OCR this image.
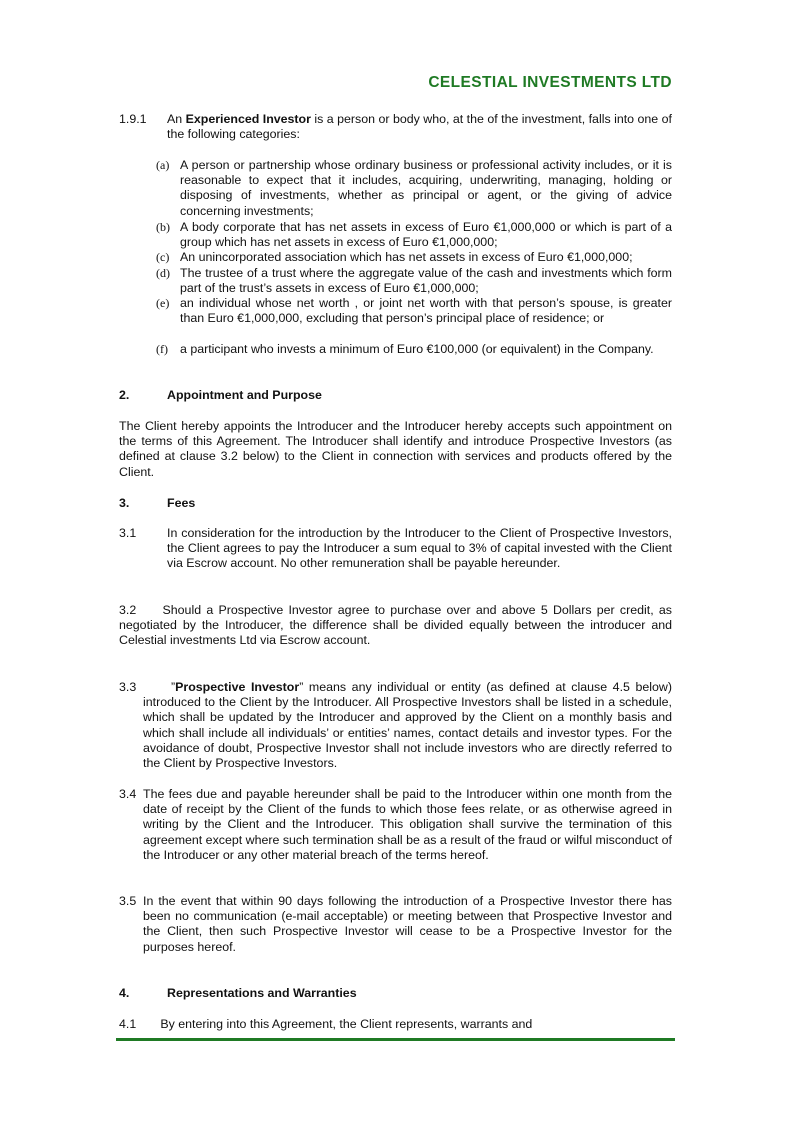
CELESTIAL INVESTMENTS LTD
1.9.1 An Experienced Investor is a person or body who, at the of the investment, falls into one of the following categories:
(a) A person or partnership whose ordinary business or professional activity includes, or it is reasonable to expect that it includes, acquiring, underwriting, managing, holding or disposing of investments, whether as principal or agent, or the giving of advice concerning investments;
(b) A body corporate that has net assets in excess of Euro €1,000,000 or which is part of a group which has net assets in excess of Euro €1,000,000;
(c) An unincorporated association which has net assets in excess of Euro €1,000,000;
(d) The trustee of a trust where the aggregate value of the cash and investments which form part of the trust’s assets in excess of Euro €1,000,000;
(e) an individual whose net worth , or joint net worth with that person’s spouse, is greater than Euro €1,000,000, excluding that person’s principal place of residence; or
(f) a participant who invests a minimum of Euro €100,000 (or equivalent) in the Company.
2.	Appointment and Purpose
The Client hereby appoints the Introducer and the Introducer hereby accepts such appointment on the terms of this Agreement. The Introducer shall identify and introduce Prospective Investors (as defined at clause 3.2 below) to the Client in connection with services and products offered by the Client.
3.	Fees
3.1 In consideration for the introduction by the Introducer to the Client of Prospective Investors, the Client agrees to pay the Introducer a sum equal to 3% of capital invested with the Client via Escrow account. No other remuneration shall be payable hereunder.
3.2 Should a Prospective Investor agree to purchase over and above 5 Dollars per credit, as negotiated by the Introducer, the difference shall be divided equally between the introducer and Celestial investments Ltd via Escrow account.
3.3	”Prospective Investor” means any individual or entity (as defined at clause 4.5 below) introduced to the Client by the Introducer. All Prospective Investors shall be listed in a schedule, which shall be updated by the Introducer and approved by the Client on a monthly basis and which shall include all individuals’ or entities’ names, contact details and investor types. For the avoidance of doubt, Prospective Investor shall not include investors who are directly referred to the Client by Prospective Investors.
3.4 The fees due and payable hereunder shall be paid to the Introducer within one month from the date of receipt by the Client of the funds to which those fees relate, or as otherwise agreed in writing by the Client and the Introducer. This obligation shall survive the termination of this agreement except where such termination shall be as a result of the fraud or wilful misconduct of the Introducer or any other material breach of the terms hereof.
3.5 In the event that within 90 days following the introduction of a Prospective Investor there has been no communication (e-mail acceptable) or meeting between that Prospective Investor and the Client, then such Prospective Investor will cease to be a Prospective Investor for the purposes hereof.
4.	Representations and Warranties
4.1 By entering into this Agreement, the Client represents, warrants and
